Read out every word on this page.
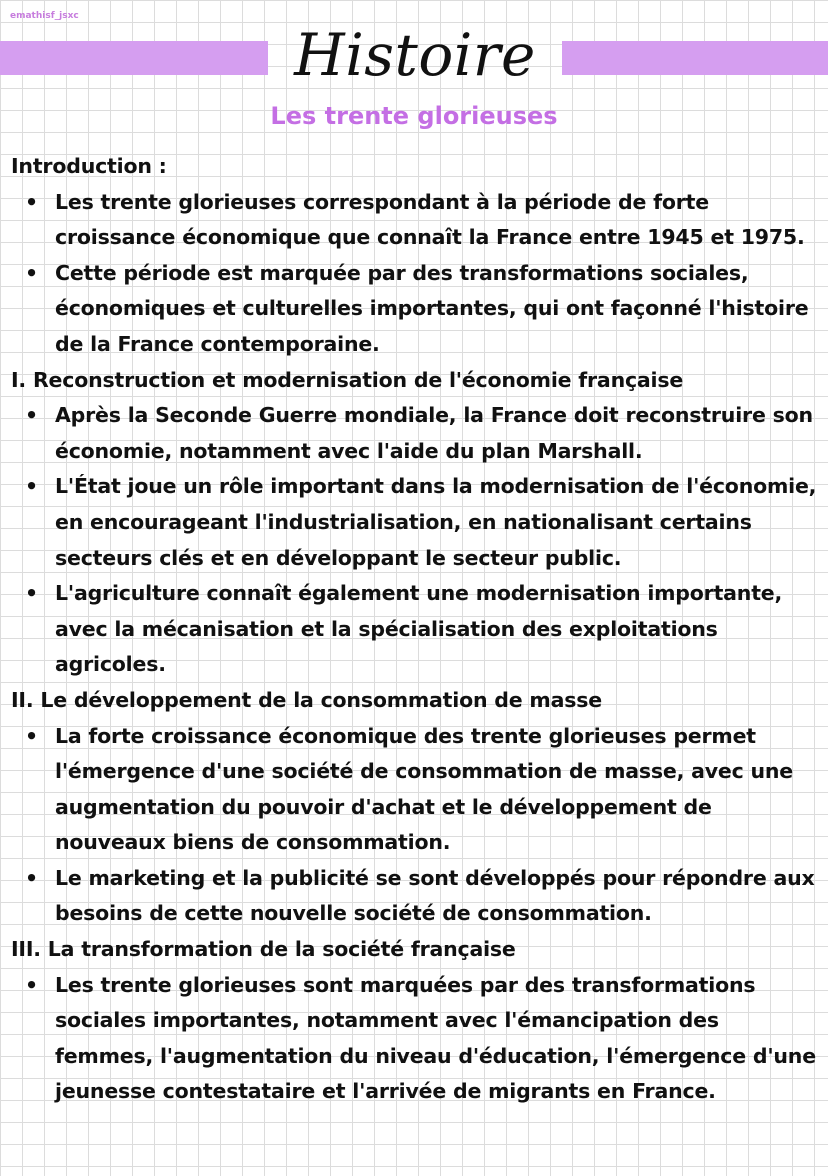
emathisf_jsxc
Histoire
Les trente glorieuses
Introduction :
• Les trente glorieuses correspondant à la période de forte croissance économique que connaît la France entre 1945 et 1975.
• Cette période est marquée par des transformations sociales, économiques et culturelles importantes, qui ont façonné l'histoire de la France contemporaine.
I. Reconstruction et modernisation de l'économie française
• Après la Seconde Guerre mondiale, la France doit reconstruire son économie, notamment avec l'aide du plan Marshall.
• L'État joue un rôle important dans la modernisation de l'économie, en encourageant l'industrialisation, en nationalisant certains secteurs clés et en développant le secteur public.
• L'agriculture connaît également une modernisation importante, avec la mécanisation et la spécialisation des exploitations agricoles.
II. Le développement de la consommation de masse
• La forte croissance économique des trente glorieuses permet l'émergence d'une société de consommation de masse, avec une augmentation du pouvoir d'achat et le développement de nouveaux biens de consommation.
• Le marketing et la publicité se sont développés pour répondre aux besoins de cette nouvelle société de consommation.
III. La transformation de la société française
• Les trente glorieuses sont marquées par des transformations sociales importantes, notamment avec l'émancipation des femmes, l'augmentation du niveau d'éducation, l'émergence d'une jeunesse contestataire et l'arrivée de migrants en France.
